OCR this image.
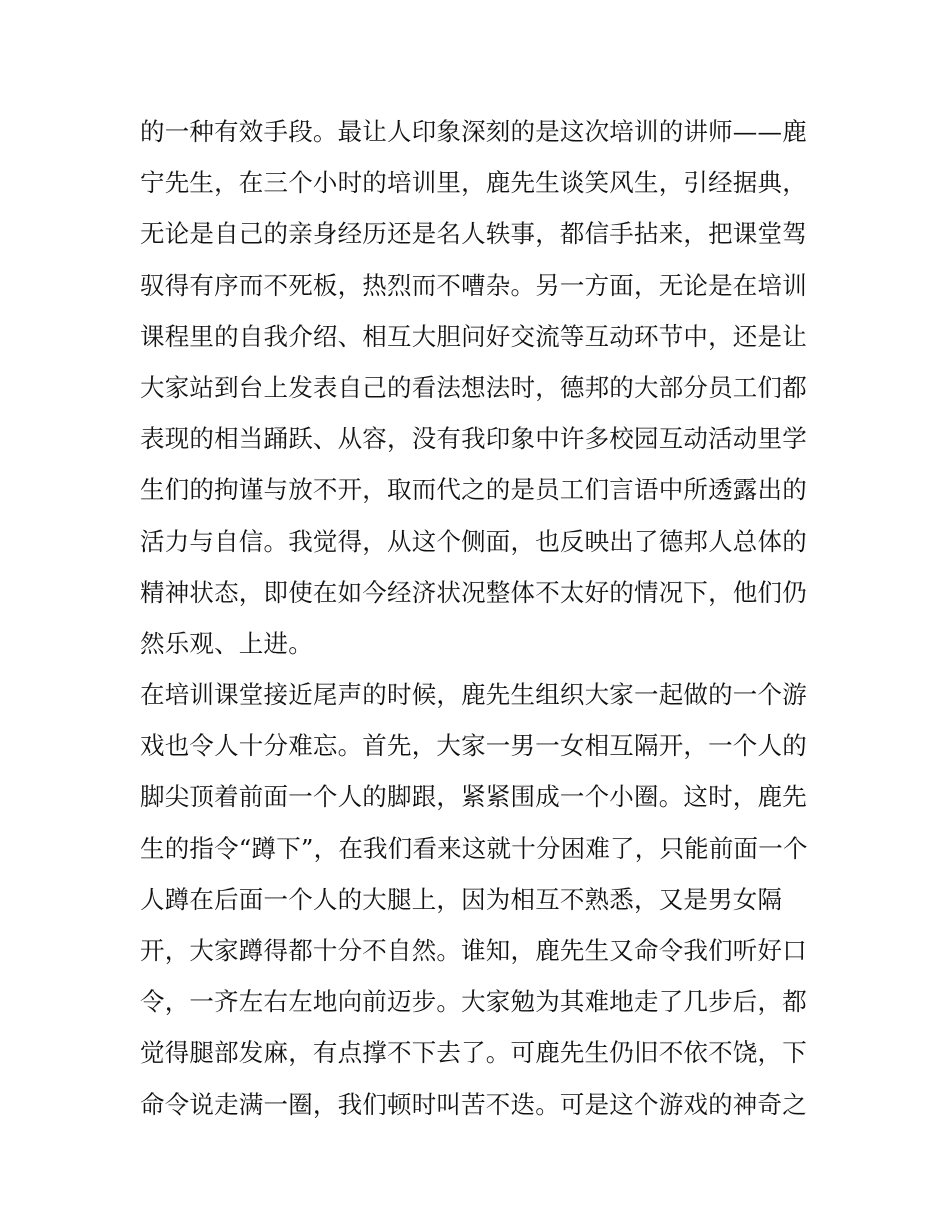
的一种有效手段。最让人印象深刻的是这次培训的讲师——鹿
宁先生，在三个小时的培训里，鹿先生谈笑风生，引经据典，
无论是自己的亲身经历还是名人轶事，都信手拈来，把课堂驾
驭得有序而不死板，热烈而不嘈杂。另一方面，无论是在培训
课程里的自我介绍、相互大胆问好交流等互动环节中，还是让
大家站到台上发表自己的看法想法时，德邦的大部分员工们都
表现的相当踊跃、从容，没有我印象中许多校园互动活动里学
生们的拘谨与放不开，取而代之的是员工们言语中所透露出的
活力与自信。我觉得，从这个侧面，也反映出了德邦人总体的
精神状态，即使在如今经济状况整体不太好的情况下，他们仍
然乐观、上进。
在培训课堂接近尾声的时候，鹿先生组织大家一起做的一个游
戏也令人十分难忘。首先，大家一男一女相互隔开，一个人的
脚尖顶着前面一个人的脚跟，紧紧围成一个小圈。这时，鹿先
生的指令“蹲下”，在我们看来这就十分困难了，只能前面一个
人蹲在后面一个人的大腿上，因为相互不熟悉，又是男女隔
开，大家蹲得都十分不自然。谁知，鹿先生又命令我们听好口
令，一齐左右左地向前迈步。大家勉为其难地走了几步后，都
觉得腿部发麻，有点撑不下去了。可鹿先生仍旧不依不饶，下
命令说走满一圈，我们顿时叫苦不迭。可是这个游戏的神奇之
